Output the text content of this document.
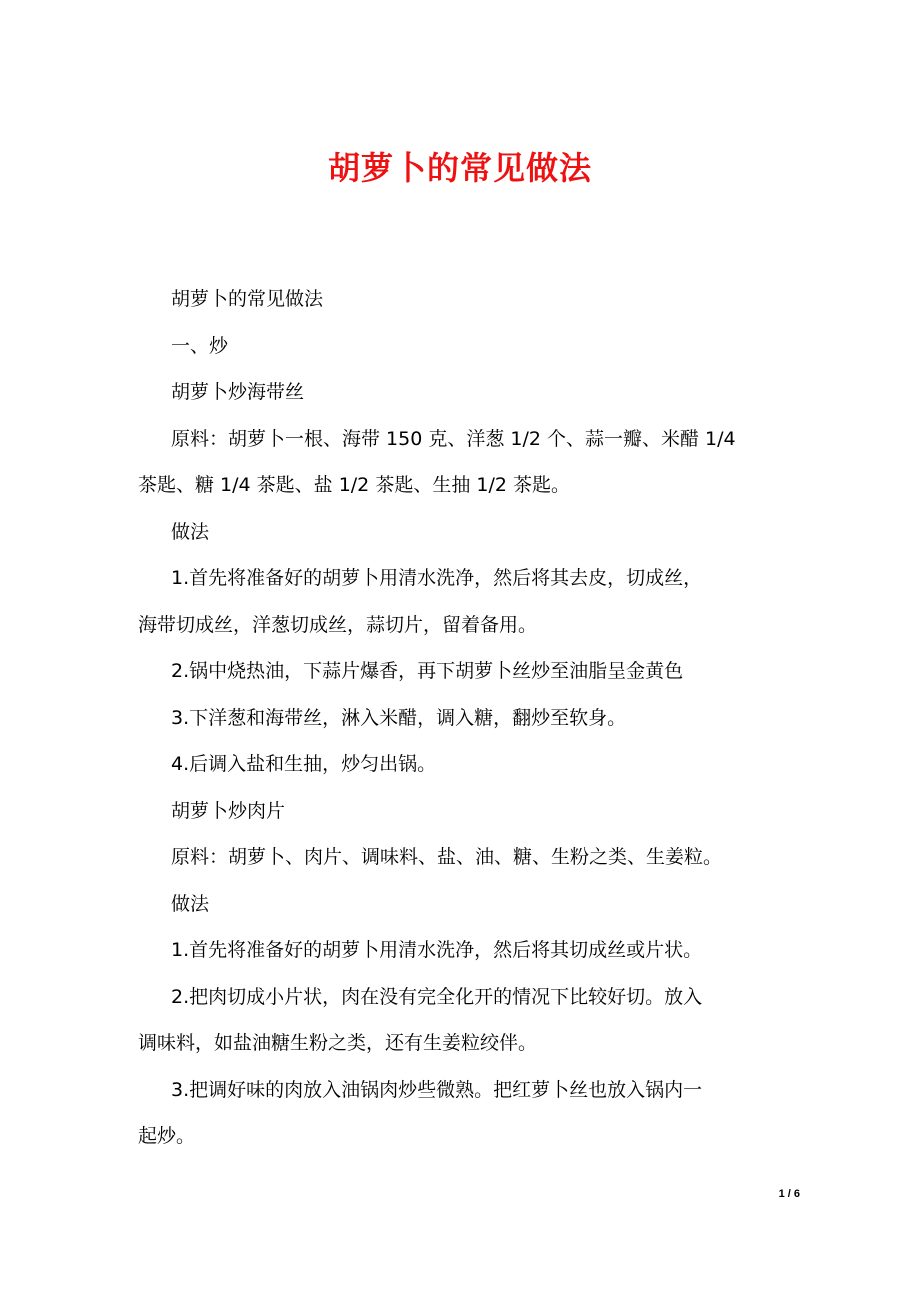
胡萝卜的常见做法

胡萝卜的常见做法

一、炒

胡萝卜炒海带丝

原料：胡萝卜一根、海带 150 克、洋葱 1/2 个、蒜一瓣、米醋 1/4
茶匙、糖 1/4 茶匙、盐 1/2 茶匙、生抽 1/2 茶匙。

做法

1.首先将准备好的胡萝卜用清水洗净，然后将其去皮，切成丝，
海带切成丝，洋葱切成丝，蒜切片，留着备用。

2.锅中烧热油，下蒜片爆香，再下胡萝卜丝炒至油脂呈金黄色

3.下洋葱和海带丝，淋入米醋，调入糖，翻炒至软身。

4.后调入盐和生抽，炒匀出锅。

胡萝卜炒肉片

原料：胡萝卜、肉片、调味料、盐、油、糖、生粉之类、生姜粒。

做法

1.首先将准备好的胡萝卜用清水洗净，然后将其切成丝或片状。

2.把肉切成小片状，肉在没有完全化开的情况下比较好切。放入
调味料，如盐油糖生粉之类，还有生姜粒绞伴。

3.把调好味的肉放入油锅肉炒些微熟。把红萝卜丝也放入锅内一
起炒。

1 / 6
